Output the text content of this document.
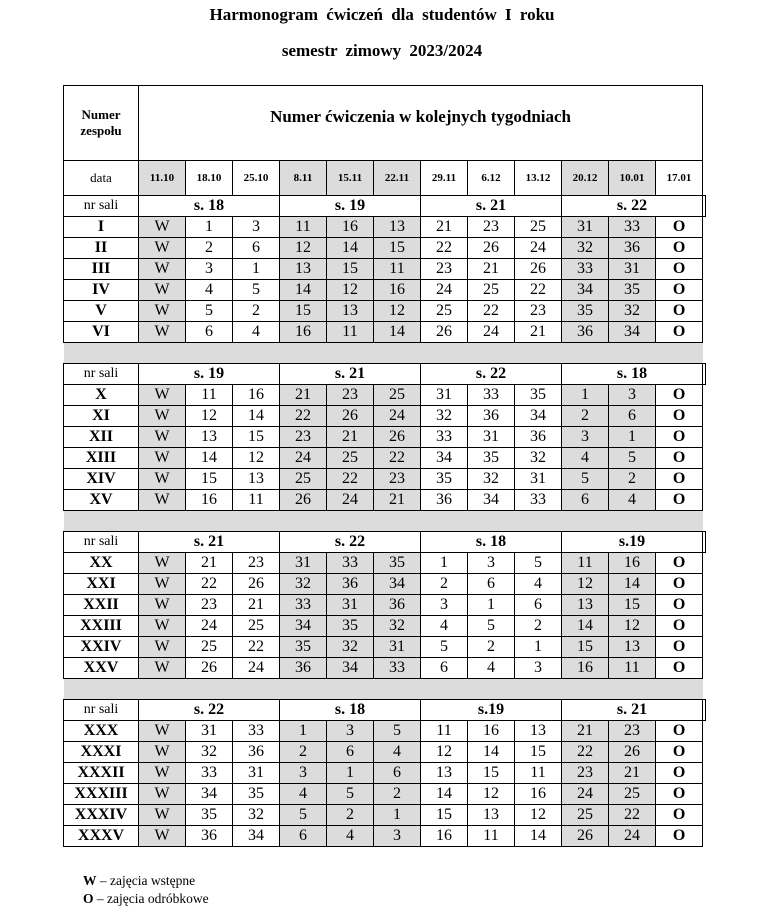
Harmonogram ćwiczeń dla studentów I roku
semestr zimowy 2023/2024
Numer zespołu	Numer ćwiczenia w kolejnych tygodniach												
data	11.10	18.10	25.10	8.11	15.11	22.11	29.11	6.12	13.12	20.12	10.01	17.01	
nr sali	s. 18			s. 19			s. 21			s. 22			
I	W	1	3	11	16	13	21	23	25	31	33	O	
II	W	2	6	12	14	15	22	26	24	32	36	O	
III	W	3	1	13	15	11	23	21	26	33	31	O	
IV	W	4	5	14	12	16	24	25	22	34	35	O	
V	W	5	2	15	13	12	25	22	23	35	32	O	
VI	W	6	4	16	11	14	26	24	21	36	34	O	

nr sali	s. 19			s. 21			s. 22			s. 18			
X	W	11	16	21	23	25	31	33	35	1	3	O	
XI	W	12	14	22	26	24	32	36	34	2	6	O	
XII	W	13	15	23	21	26	33	31	36	3	1	O	
XIII	W	14	12	24	25	22	34	35	32	4	5	O	
XIV	W	15	13	25	22	23	35	32	31	5	2	O	
XV	W	16	11	26	24	21	36	34	33	6	4	O	

nr sali	s. 21			s. 22			s. 18			s.19			
XX	W	21	23	31	33	35	1	3	5	11	16	O	
XXI	W	22	26	32	36	34	2	6	4	12	14	O	
XXII	W	23	21	33	31	36	3	1	6	13	15	O	
XXIII	W	24	25	34	35	32	4	5	2	14	12	O	
XXIV	W	25	22	35	32	31	5	2	1	15	13	O	
XXV	W	26	24	36	34	33	6	4	3	16	11	O	

nr sali	s. 22			s. 18			s.19			s. 21			
XXX	W	31	33	1	3	5	11	16	13	21	23	O	
XXXI	W	32	36	2	6	4	12	14	15	22	26	O	
XXXII	W	33	31	3	1	6	13	15	11	23	21	O	
XXXIII	W	34	35	4	5	2	14	12	16	24	25	O	
XXXIV	W	35	32	5	2	1	15	13	12	25	22	O	
XXXV	W	36	34	6	4	3	16	11	14	26	24	O	
W – zajęcia wstępne
O – zajęcia odróbkowe
